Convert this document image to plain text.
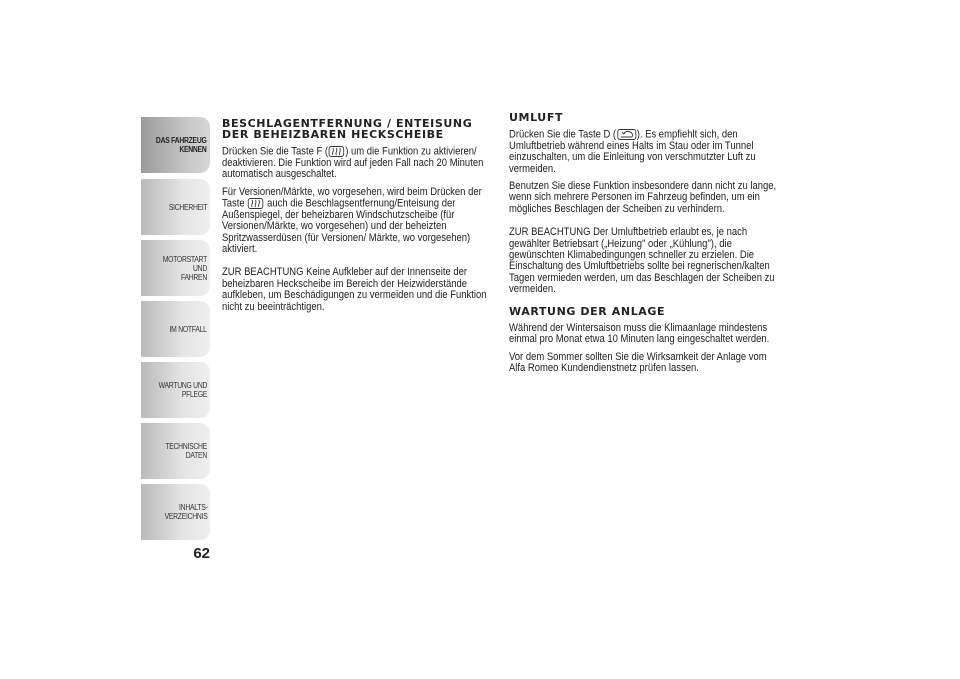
DAS FAHRZEUG
KENNEN
SICHERHEIT
MOTORSTART UND
FAHREN
IM NOTFALL
WARTUNG UND
PFLEGE
TECHNISCHE DATEN
INHALTS-
VERZEICHNIS
62
BESCHLAGENTFERNUNG / ENTEISUNG DER BEHEIZBAREN HECKSCHEIBE

Drücken Sie die Taste F ( ) um die Funktion zu aktivieren/ deaktivieren. Die Funktion wird auf jeden Fall nach 20 Minuten automatisch ausgeschaltet.

Für Versionen/Märkte, wo vorgesehen, wird beim Drücken der Taste auch die Beschlagsentfernung/Enteisung der Außenspiegel, der beheizbaren Windschutzscheibe (für Versionen/Märkte, wo vorgesehen) und der beheizten Spritzwasserdüsen (für Versionen/ Märkte, wo vorgesehen) aktiviert.

ZUR BEACHTUNG Keine Aufkleber auf der Innenseite der beheizbaren Heckscheibe im Bereich der Heizwiderstände aufkleben, um Beschädigungen zu vermeiden und die Funktion nicht zu beeinträchtigen.

UMLUFT

Drücken Sie die Taste D ( ). Es empfiehlt sich, den Umluftbetrieb während eines Halts im Stau oder im Tunnel einzuschalten, um die Einleitung von verschmutzter Luft zu vermeiden.

Benutzen Sie diese Funktion insbesondere dann nicht zu lange, wenn sich mehrere Personen im Fahrzeug befinden, um ein mögliches Beschlagen der Scheiben zu verhindern.

ZUR BEACHTUNG Der Umluftbetrieb erlaubt es, je nach gewählter Betriebsart („Heizung" oder „Kühlung"), die gewünschten Klimabedingungen schneller zu erzielen. Die Einschaltung des Umluftbetriebs sollte bei regnerischen/kalten Tagen vermieden werden, um das Beschlagen der Scheiben zu vermeiden.

WARTUNG DER ANLAGE

Während der Wintersaison muss die Klimaanlage mindestens einmal pro Monat etwa 10 Minuten lang eingeschaltet werden.

Vor dem Sommer sollten Sie die Wirksamkeit der Anlage vom Alfa Romeo Kundendienstnetz prüfen lassen.
